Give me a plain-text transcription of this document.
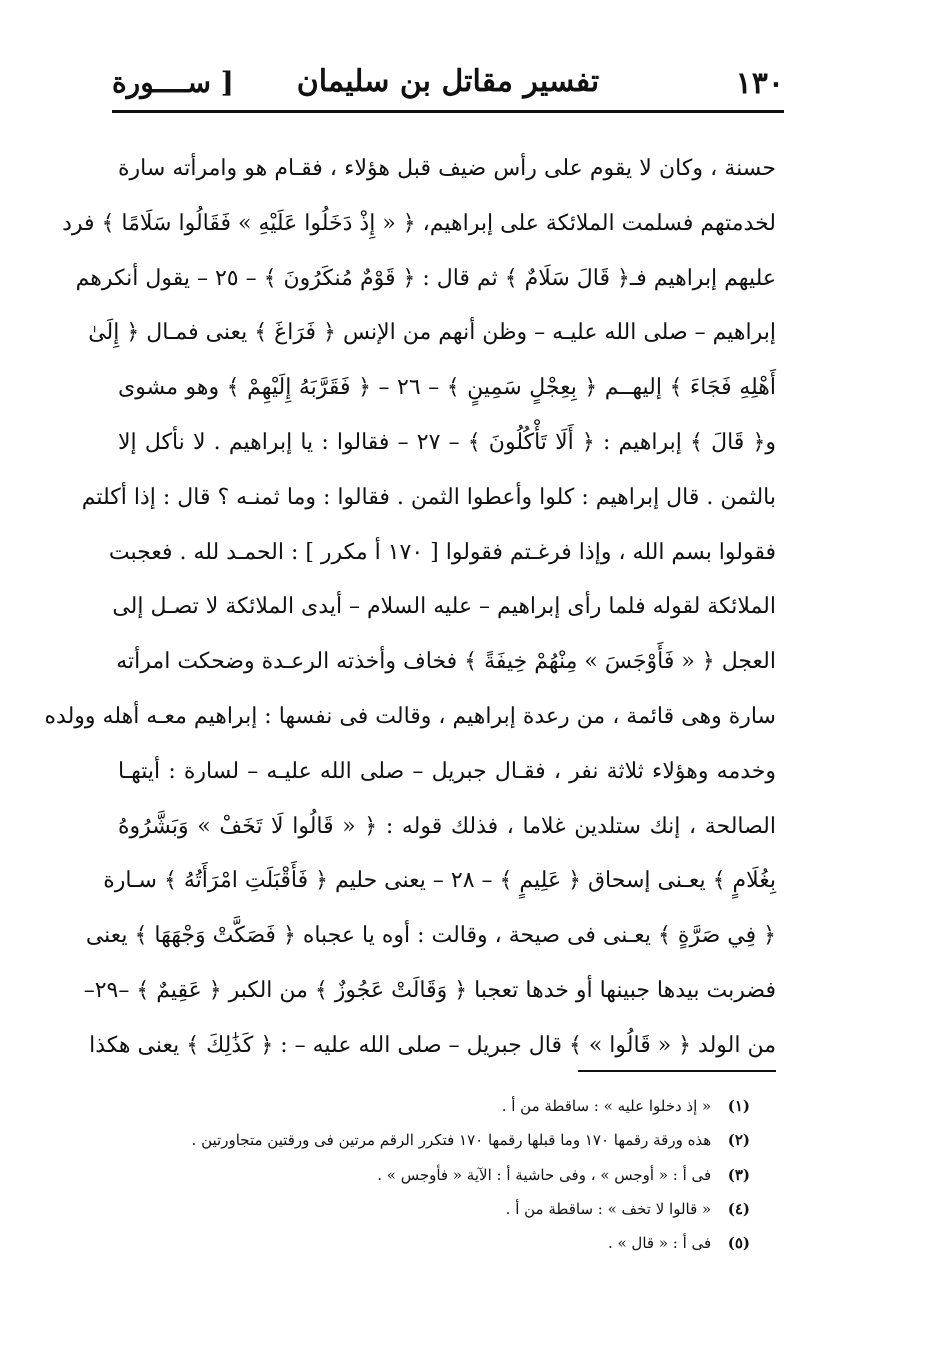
١٣٠
تفسير مقاتل بن سليمان
[ ســــورة
حسنة ، وكان لا يقوم على رأس ضيف قبل هؤلاء ، فقـام هو وامرأته سارة
لخدمتهم فسلمت الملائكة على إبراهيم، ﴿ « إِذْ دَخَلُوا عَلَيْهِ » فَقَالُوا سَلَامًا ﴾ فرد
عليهم إبراهيم فـ﴿ قَالَ سَلَامٌ ﴾ ثم قال : ﴿ قَوْمٌ مُنكَرُونَ ﴾ – ٢٥ – يقول أنكرهم
إبراهيم – صلى الله عليـه – وظن أنهم من الإنس ﴿ فَرَاغَ ﴾ يعنى فمـال ﴿ إِلَىٰ
أَهْلِهِ فَجَاءَ ﴾ إليهــم ﴿ بِعِجْلٍ سَمِينٍ ﴾ – ٢٦ – ﴿ فَقَرَّبَهُ إِلَيْهِمْ ﴾ وهو مشوى
و﴿ قَالَ ﴾ إبراهيم : ﴿ أَلَا تَأْكُلُونَ ﴾ – ٢٧ – فقالوا : يا إبراهيم . لا نأكل إلا
بالثمن . قال إبراهيم : كلوا وأعطوا الثمن . فقالوا : وما ثمنـه ؟ قال : إذا أكلتم
فقولوا بسم الله ، وإذا فرغـتم فقولوا [ ١٧٠ أ مكرر ] : الحمـد لله . فعجبت
الملائكة لقوله فلما رأى إبراهيم – عليه السلام – أيدى الملائكة لا تصـل إلى
العجل ﴿ « فَأَوْجَسَ » مِنْهُمْ خِيفَةً ﴾ فخاف وأخذته الرعـدة وضحكت امرأته
سارة وهى قائمة ، من رعدة إبراهيم ، وقالت فى نفسها : إبراهيم معـه أهله وولده
وخدمه وهؤلاء ثلاثة نفر ، فقـال جبريل – صلى الله عليـه – لسارة : أيتهـا
الصالحة ، إنك ستلدين غلاما ، فذلك قوله : ﴿ « قَالُوا لَا تَخَفْ » وَبَشَّرُوهُ
بِغُلَامٍ ﴾ يعـنى إسحاق ﴿ عَلِيمٍ ﴾ – ٢٨ – يعنى حليم ﴿ فَأَقْبَلَتِ امْرَأَتُهُ ﴾ سـارة
﴿ فِي صَرَّةٍ ﴾ يعـنى فى صيحة ، وقالت : أوه يا عجباه ﴿ فَصَكَّتْ وَجْهَهَا ﴾ يعنى
فضربت بيدها جبينها أو خدها تعجبا ﴿ وَقَالَتْ عَجُوزٌ ﴾ من الكبر ﴿ عَقِيمٌ ﴾ –٢٩–
من الولد ﴿ « قَالُوا » ﴾ قال جبريل – صلى الله عليه – : ﴿ كَذَٰلِكَ ﴾ يعنى هكذا
(١) « إذ دخلوا عليه » : ساقطة من أ .
(٢) هذه ورقة رقمها ١٧٠ وما قبلها رقمها ١٧٠ فتكرر الرقم مرتين فى ورقتين متجاورتين .
(٣) فى أ : « أوجس » ، وفى حاشية أ : الآية « فأوجس » .
(٤) « قالوا لا تخف » : ساقطة من أ .
(٥) فى أ : « قال » .
